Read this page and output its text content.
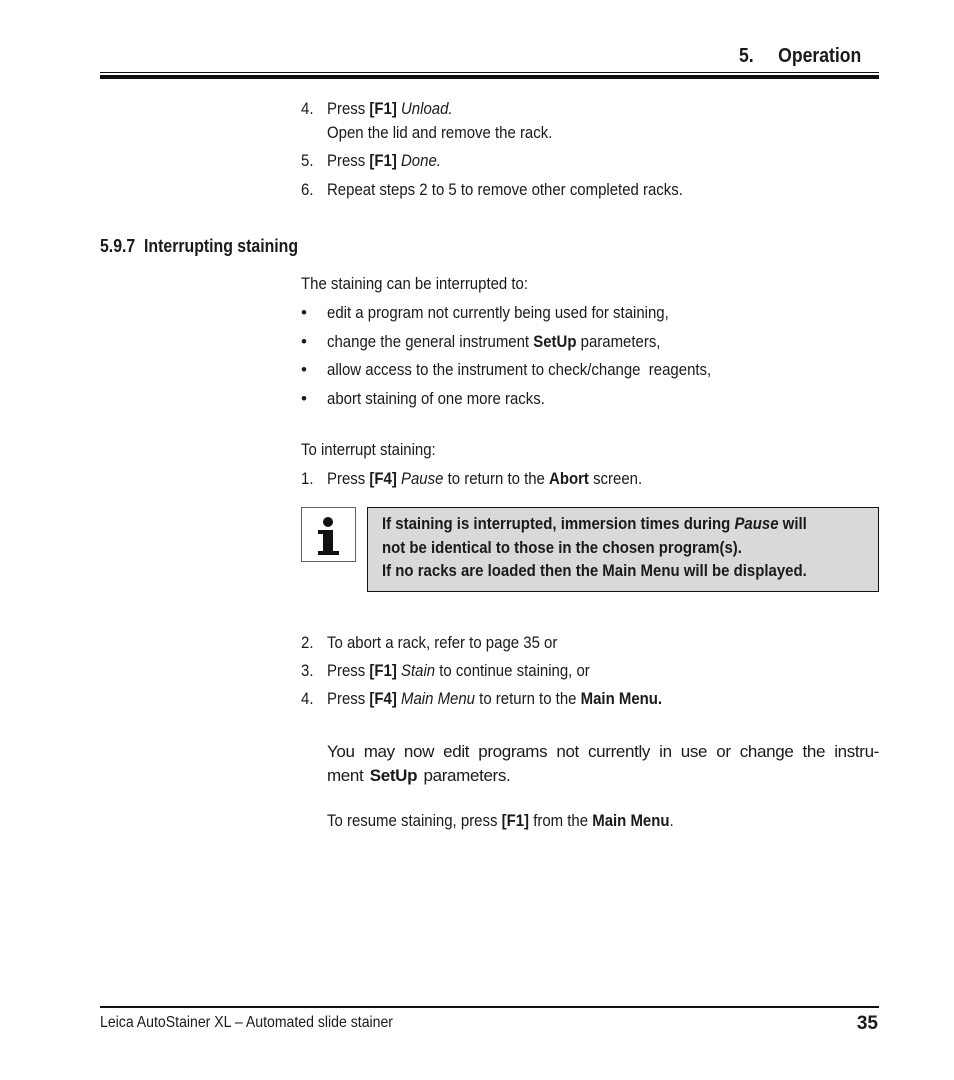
5.     Operation
4. Press [F1] Unload.
Open the lid and remove the rack.
5. Press [F1] Done.
6. Repeat steps 2 to 5 to remove other completed racks.
5.9.7  Interrupting staining
The staining can be interrupted to:
• edit a program not currently being used for staining,
• change the general instrument SetUp parameters,
• allow access to the instrument to check/change  reagents,
• abort staining of one more racks.
To interrupt staining:
1. Press [F4] Pause to return to the Abort screen.
If staining is interrupted, immersion times during Pause will
not be identical to those in the chosen program(s).
If no racks are loaded then the Main Menu will be displayed.
2. To abort a rack, refer to page 35 or
3. Press [F1] Stain to continue staining, or
4. Press [F4] Main Menu to return to the Main Menu.
You may now edit programs not currently in use or change the instru-ment SetUp parameters.
To resume staining, press [F1] from the Main Menu.
Leica AutoStainer XL – Automated slide stainer	35
